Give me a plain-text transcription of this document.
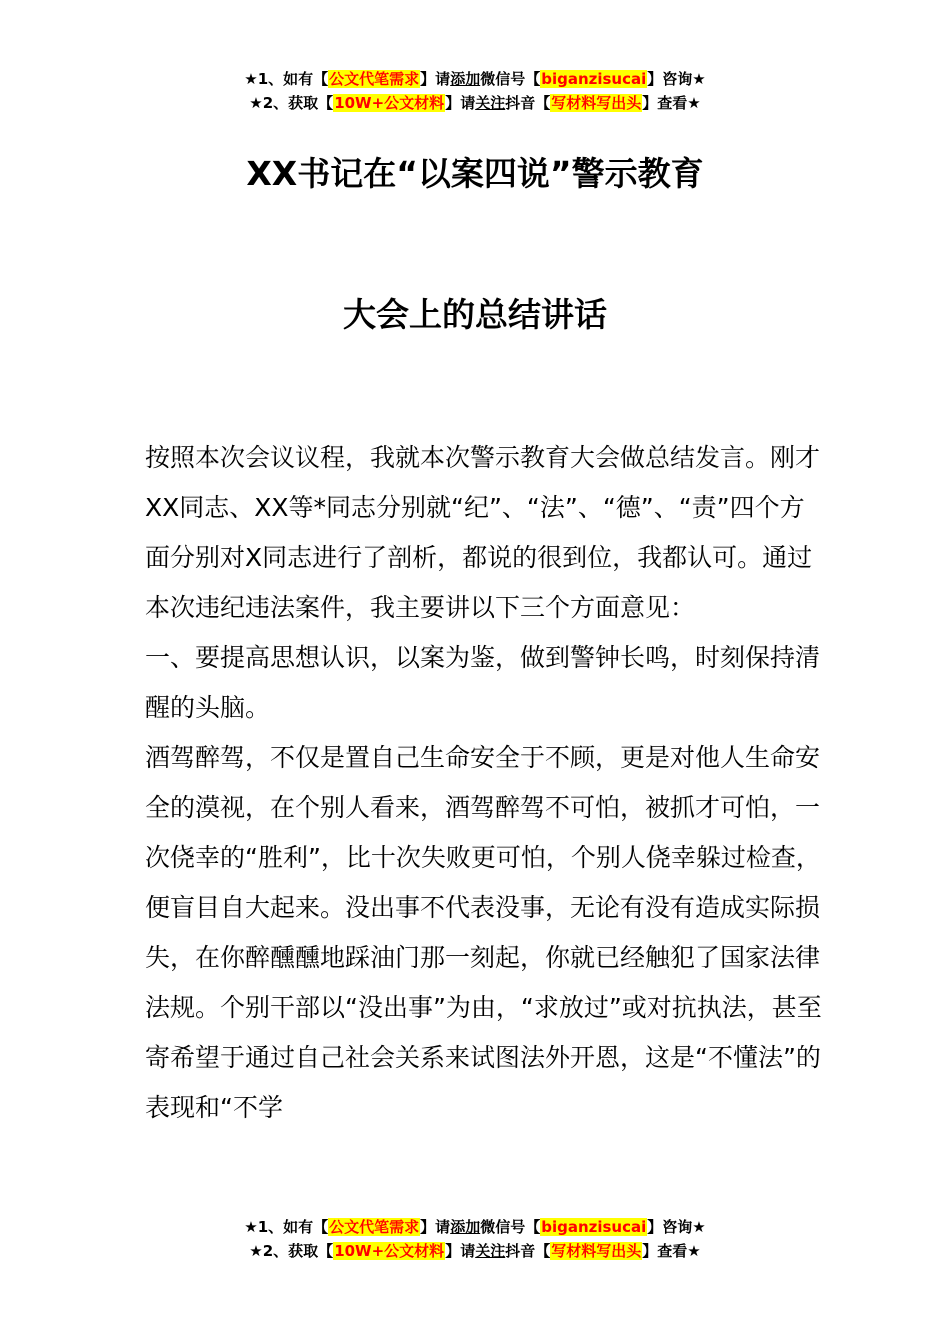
★1、如有【公文代笔需求】请添加微信号【biganzisucai】咨询★
★2、获取【10W+公文材料】请关注抖音【写材料写出头】查看★
XX书记在“以案四说”警示教育
大会上的总结讲话

按照本次会议议程，我就本次警示教育大会做总结发言。刚才XX同志、XX等*同志分别就“纪”、“法”、“德”、“责”四个方面分别对X同志进行了剖析，都说的很到位，我都认可。通过本次违纪违法案件，我主要讲以下三个方面意见：

一、要提高思想认识，以案为鉴，做到警钟长鸣，时刻保持清醒的头脑。

酒驾醉驾，不仅是置自己生命安全于不顾，更是对他人生命安全的漠视，在个别人看来，酒驾醉驾不可怕，被抓才可怕，一次侥幸的“胜利”，比十次失败更可怕，个别人侥幸躲过检查，便盲目自大起来。没出事不代表没事，无论有没有造成实际损失，在你醉醺醺地踩油门那一刻起，你就已经触犯了国家法律法规。个别干部以“没出事”为由，“求放过”或对抗执法，甚至寄希望于通过自己社会关系来试图法外开恩，这是“不懂法”的表现和“不学

★1、如有【公文代笔需求】请添加微信号【biganzisucai】咨询★
★2、获取【10W+公文材料】请关注抖音【写材料写出头】查看★
